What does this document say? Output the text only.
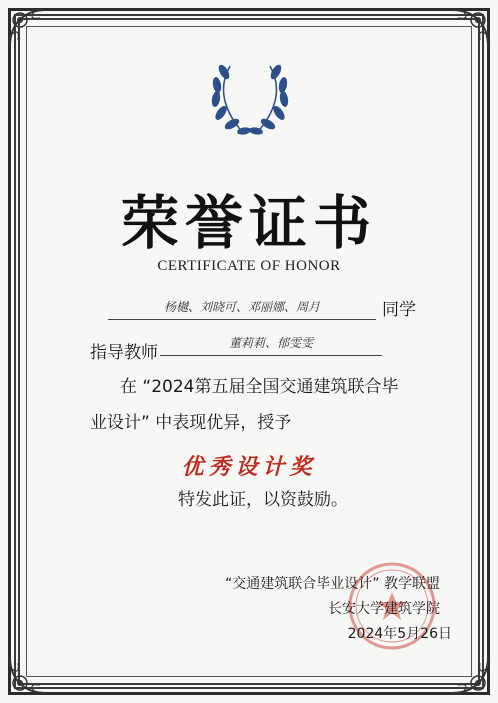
荣誉证书
CERTIFICATE OF HONOR
杨樾、刘晓可、邓丽娜、周月	同学
指导教师	董莉莉、郁雯雯
在 “2024第五届全国交通建筑联合毕
业设计” 中表现优异，授予
优秀设计奖
特发此证，以资鼓励。
“交通建筑联合毕业设计” 教学联盟
长安大学建筑学院
2024年5月26日
